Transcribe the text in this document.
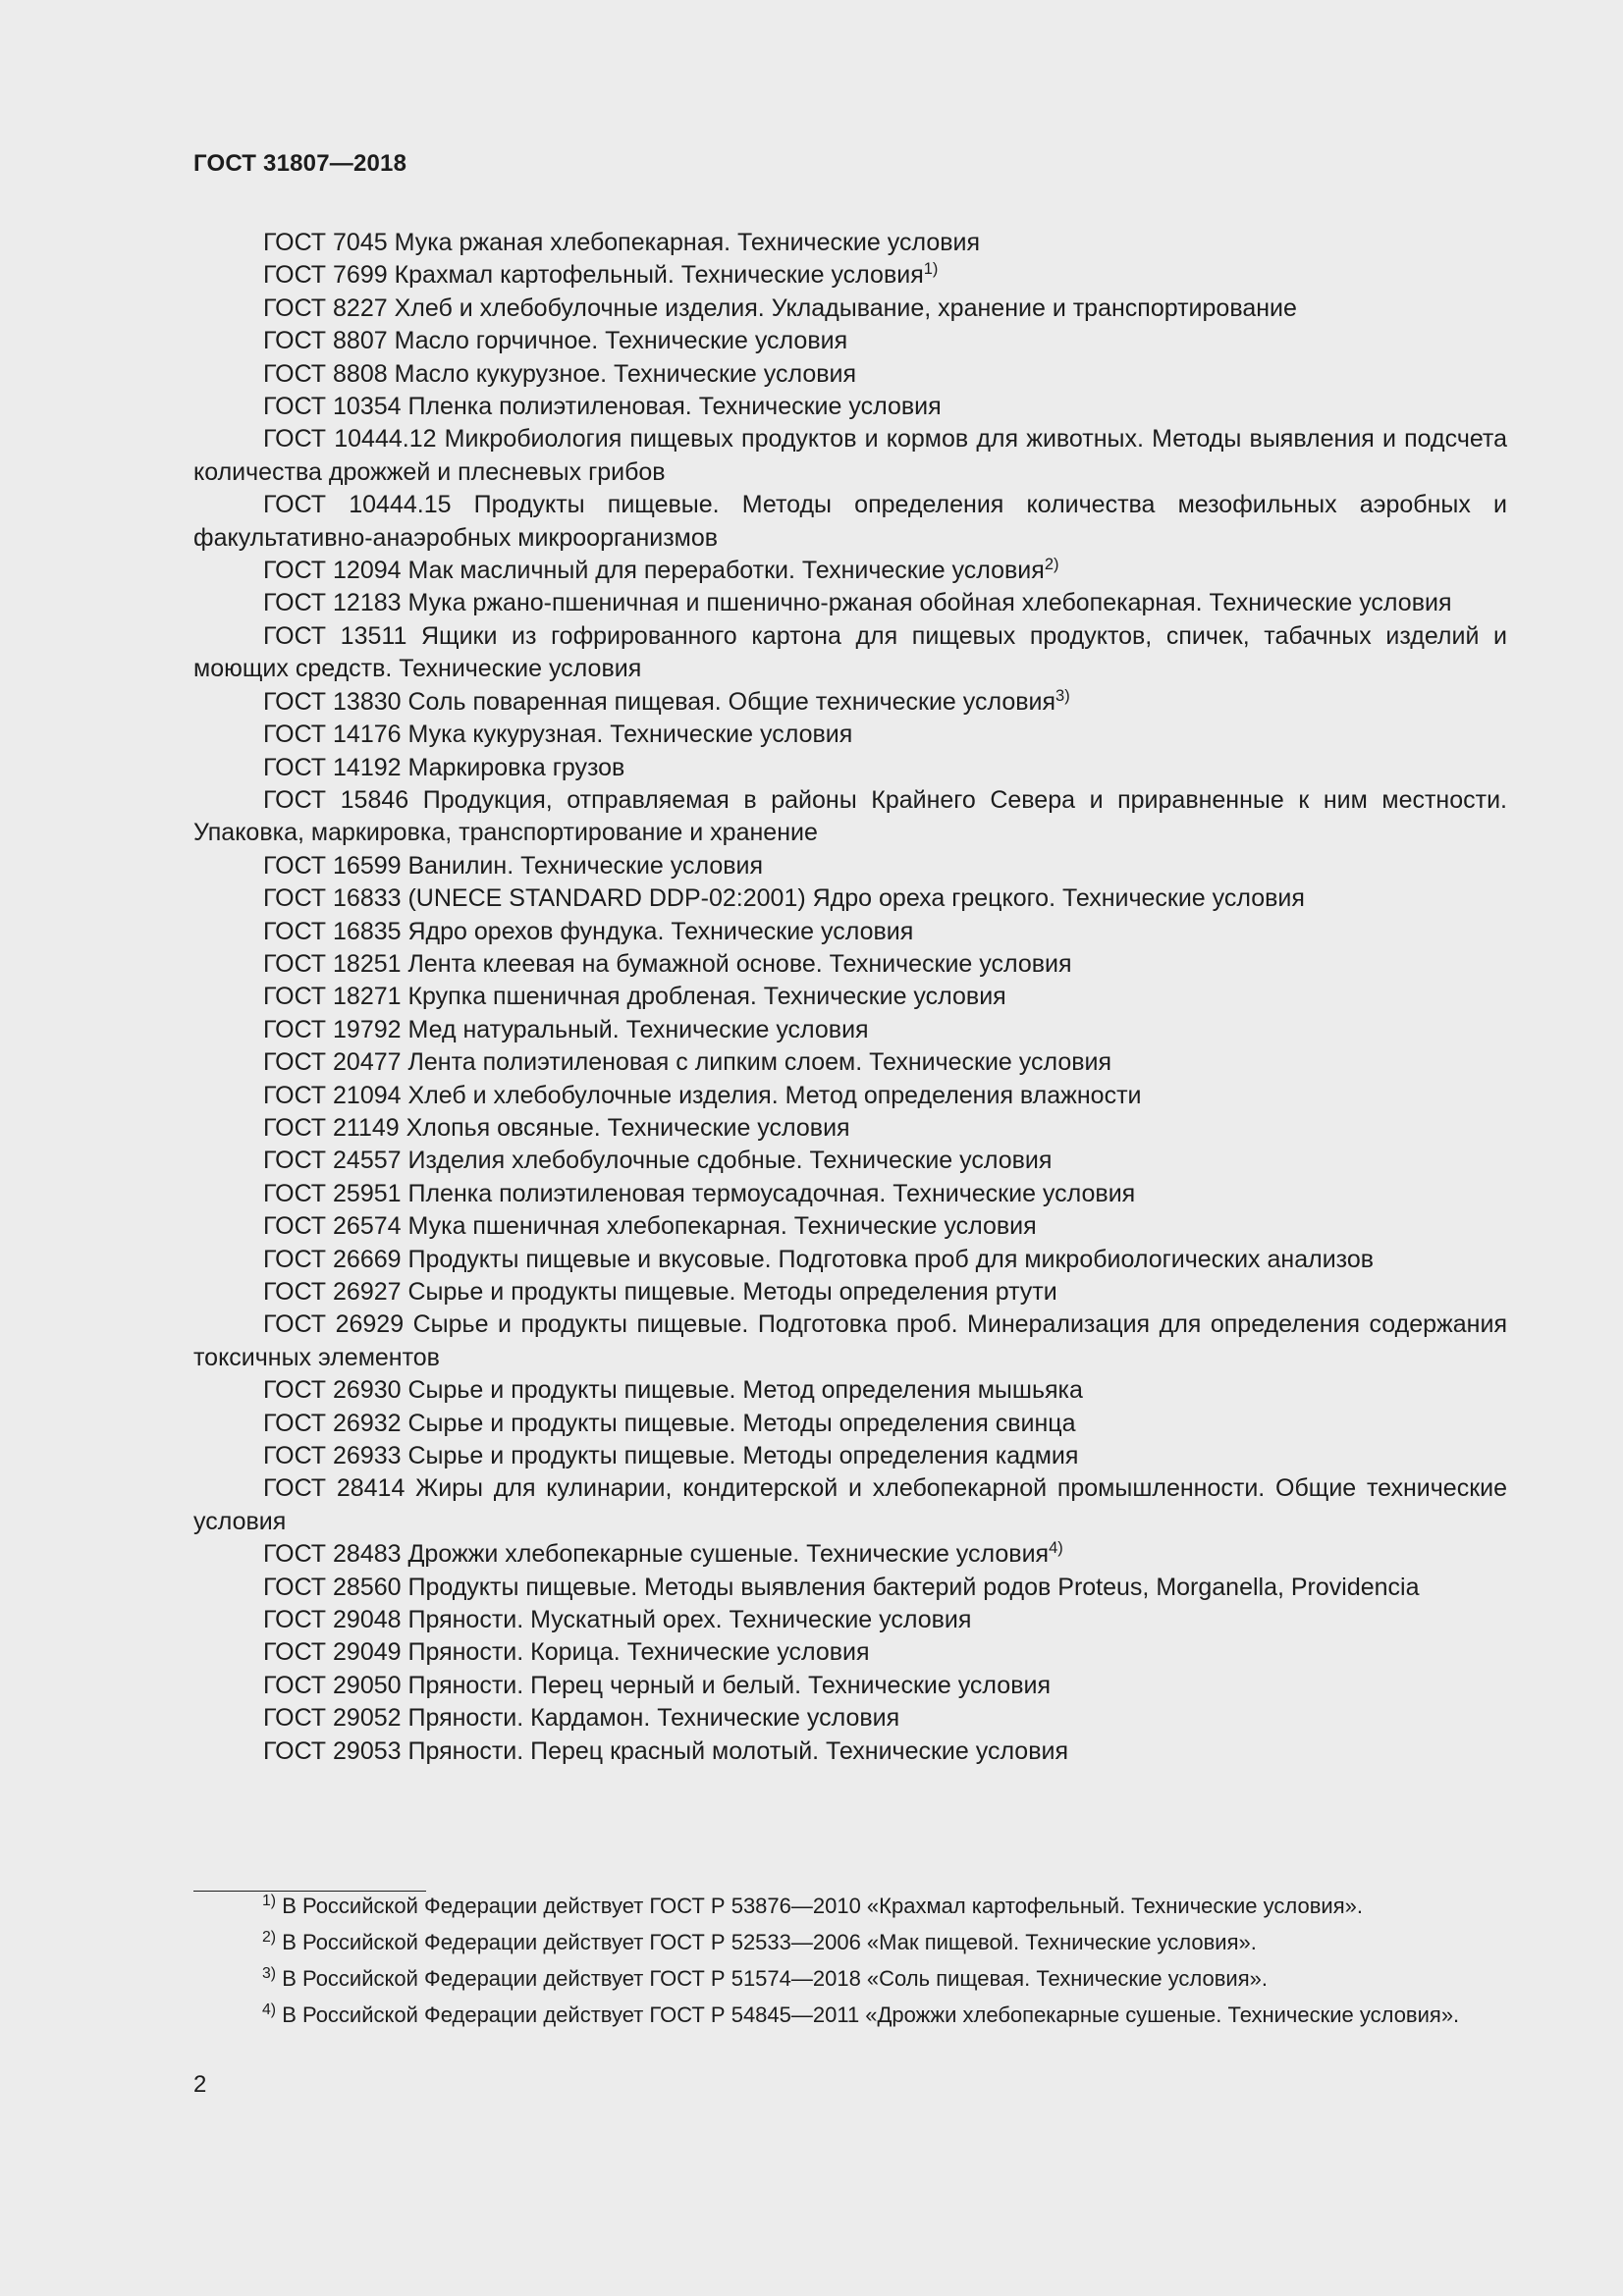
ГОСТ 31807—2018
ГОСТ 7045 Мука ржаная хлебопекарная. Технические условия
ГОСТ 7699 Крахмал картофельный. Технические условия$^{1)}$
ГОСТ 8227 Хлеб и хлебобулочные изделия. Укладывание, хранение и транспортирование
ГОСТ 8807 Масло горчичное. Технические условия
ГОСТ 8808 Масло кукурузное. Технические условия
ГОСТ 10354 Пленка полиэтиленовая. Технические условия
ГОСТ 10444.12 Микробиология пищевых продуктов и кормов для животных. Методы выявления и подсчета количества дрожжей и плесневых грибов
ГОСТ 10444.15 Продукты пищевые. Методы определения количества мезофильных аэробных и факультативно-анаэробных микроорганизмов
ГОСТ 12094 Мак масличный для переработки. Технические условия$^{2)}$
ГОСТ 12183 Мука ржано-пшеничная и пшенично-ржаная обойная хлебопекарная. Технические условия
ГОСТ 13511 Ящики из гофрированного картона для пищевых продуктов, спичек, табачных изделий и моющих средств. Технические условия
ГОСТ 13830 Соль поваренная пищевая. Общие технические условия$^{3)}$
ГОСТ 14176 Мука кукурузная. Технические условия
ГОСТ 14192 Маркировка грузов
ГОСТ 15846 Продукция, отправляемая в районы Крайнего Севера и приравненные к ним местности. Упаковка, маркировка, транспортирование и хранение
ГОСТ 16599 Ванилин. Технические условия
ГОСТ 16833 (UNECE STANDARD DDP-02:2001) Ядро ореха грецкого. Технические условия
ГОСТ 16835 Ядро орехов фундука. Технические условия
ГОСТ 18251 Лента клеевая на бумажной основе. Технические условия
ГОСТ 18271 Крупка пшеничная дробленая. Технические условия
ГОСТ 19792 Мед натуральный. Технические условия
ГОСТ 20477 Лента полиэтиленовая с липким слоем. Технические условия
ГОСТ 21094 Хлеб и хлебобулочные изделия. Метод определения влажности
ГОСТ 21149 Хлопья овсяные. Технические условия
ГОСТ 24557 Изделия хлебобулочные сдобные. Технические условия
ГОСТ 25951 Пленка полиэтиленовая термоусадочная. Технические условия
ГОСТ 26574 Мука пшеничная хлебопекарная. Технические условия
ГОСТ 26669 Продукты пищевые и вкусовые. Подготовка проб для микробиологических анализов
ГОСТ 26927 Сырье и продукты пищевые. Методы определения ртути
ГОСТ 26929 Сырье и продукты пищевые. Подготовка проб. Минерализация для определения содержания токсичных элементов
ГОСТ 26930 Сырье и продукты пищевые. Метод определения мышьяка
ГОСТ 26932 Сырье и продукты пищевые. Методы определения свинца
ГОСТ 26933 Сырье и продукты пищевые. Методы определения кадмия
ГОСТ 28414 Жиры для кулинарии, кондитерской и хлебопекарной промышленности. Общие технические условия
ГОСТ 28483 Дрожжи хлебопекарные сушеные. Технические условия$^{4)}$
ГОСТ 28560 Продукты пищевые. Методы выявления бактерий родов Proteus, Morganella, Providencia
ГОСТ 29048 Пряности. Мускатный орех. Технические условия
ГОСТ 29049 Пряности. Корица. Технические условия
ГОСТ 29050 Пряности. Перец черный и белый. Технические условия
ГОСТ 29052 Пряности. Кардамон. Технические условия
ГОСТ 29053 Пряности. Перец красный молотый. Технические условия
$^{1)}$ В Российской Федерации действует ГОСТ Р 53876—2010 «Крахмал картофельный. Технические условия».
$^{2)}$ В Российской Федерации действует ГОСТ Р 52533—2006 «Мак пищевой. Технические условия».
$^{3)}$ В Российской Федерации действует ГОСТ Р 51574—2018 «Соль пищевая. Технические условия».
$^{4)}$ В Российской Федерации действует ГОСТ Р 54845—2011 «Дрожжи хлебопекарные сушеные. Технические условия».
2
